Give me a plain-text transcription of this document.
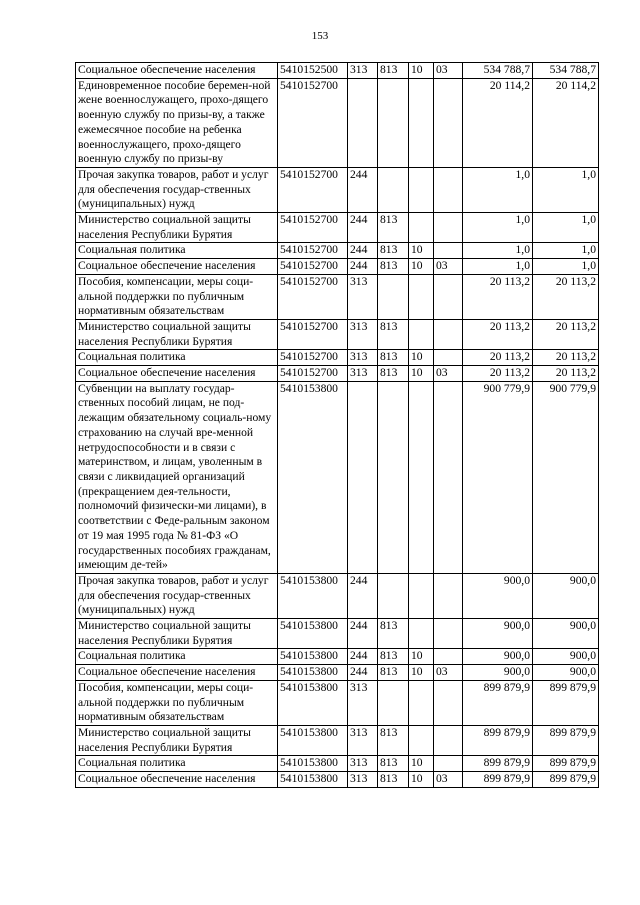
153
Социальное обеспечение населения	5410152500	313	813	10	03	534 788,7	534 788,7
Единовременное пособие беремен-ной жене военнослужащего, прохо-дящего военную службу по призы-ву, а также ежемесячное пособие на ребенка военнослужащего, прохо-дящего военную службу по призы-ву	5410152700					20 114,2	20 114,2
Прочая закупка товаров, работ и услуг для обеспечения государ-ственных (муниципальных) нужд	5410152700	244				1,0	1,0
Министерство социальной защиты населения Республики Бурятия	5410152700	244	813			1,0	1,0
Социальная политика	5410152700	244	813	10		1,0	1,0
Социальное обеспечение населения	5410152700	244	813	10	03	1,0	1,0
Пособия, компенсации, меры соци-альной поддержки по публичным нормативным обязательствам	5410152700	313				20 113,2	20 113,2
Министерство социальной защиты населения Республики Бурятия	5410152700	313	813			20 113,2	20 113,2
Социальная политика	5410152700	313	813	10		20 113,2	20 113,2
Социальное обеспечение населения	5410152700	313	813	10	03	20 113,2	20 113,2
Субвенции на выплату государ-ственных пособий лицам, не под-лежащим обязательному социаль-ному страхованию на случай вре-менной нетрудоспособности и в связи с материнством, и лицам, уволенным в связи с ликвидацией организаций (прекращением дея-тельности, полномочий физически-ми лицами), в соответствии с Феде-ральным законом от 19 мая 1995 года № 81-ФЗ «О государственных пособиях гражданам, имеющим де-тей»	5410153800					900 779,9	900 779,9
Прочая закупка товаров, работ и услуг для обеспечения государ-ственных (муниципальных) нужд	5410153800	244				900,0	900,0
Министерство социальной защиты населения Республики Бурятия	5410153800	244	813			900,0	900,0
Социальная политика	5410153800	244	813	10		900,0	900,0
Социальное обеспечение населения	5410153800	244	813	10	03	900,0	900,0
Пособия, компенсации, меры соци-альной поддержки по публичным нормативным обязательствам	5410153800	313				899 879,9	899 879,9
Министерство социальной защиты населения Республики Бурятия	5410153800	313	813			899 879,9	899 879,9
Социальная политика	5410153800	313	813	10		899 879,9	899 879,9
Социальное обеспечение населения	5410153800	313	813	10	03	899 879,9	899 879,9
